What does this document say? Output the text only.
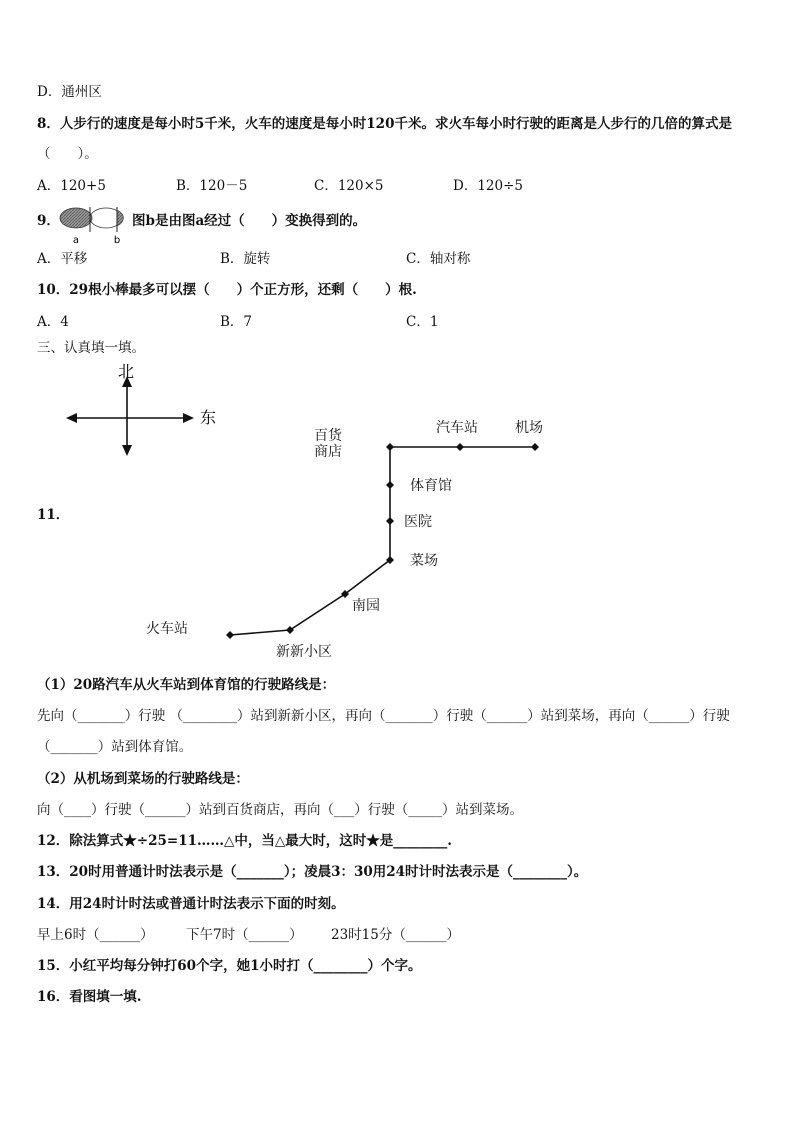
D．通州区
8．人步行的速度是每小时5千米，火车的速度是每小时120千米。求火车每小时行驶的距离是人步行的几倍的算式是
（　　）。
A．120+5	B．120－5	C．120×5	D．120÷5
9．
a	b
图b是由图a经过（　　）变换得到的。
A．平移	B．旋转	C．轴对称
10．29根小棒最多可以摆（　　）个正方形，还剩（　　）根.
A．4	B．7	C．1
三、认真填一填。
11．
北
东
百货
商店
汽车站	机场
体育馆
医院
菜场
南园
火车站
新新小区
（1）20路汽车从火车站到体育馆的行驶路线是：
先向（_______）行驶 （________）站到新新小区，再向（_______）行驶（______）站到菜场，再向（______）行驶
（_______）站到体育馆。
（2）从机场到菜场的行驶路线是：
向（____）行驶（______）站到百货商店，再向（___）行驶（_____）站到菜场。
12．除法算式★÷25=11……△中，当△最大时，这时★是________.
13．20时用普通计时法表示是（_______）；凌晨3：30用24时计时法表示是（________）。
14．用24时计时法或普通计时法表示下面的时刻。
早上6时（______） 下午7时（______） 23时15分（______）
15．小红平均每分钟打60个字，她1小时打（________）个字。
16．看图填一填.
